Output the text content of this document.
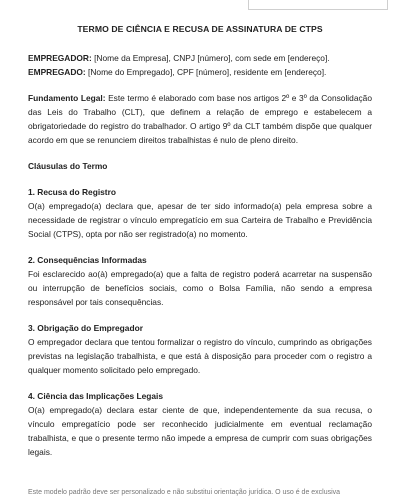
TERMO DE CIÊNCIA E RECUSA DE ASSINATURA DE CTPS

EMPREGADOR: [Nome da Empresa], CNPJ [número], com sede em [endereço].

EMPREGADO: [Nome do Empregado], CPF [número], residente em [endereço].

Fundamento Legal: Este termo é elaborado com base nos artigos 2º e 3º da Consolidação das Leis do Trabalho (CLT), que definem a relação de emprego e estabelecem a obrigatoriedade do registro do trabalhador. O artigo 9º da CLT também dispõe que qualquer acordo em que se renunciem direitos trabalhistas é nulo de pleno direito.

Cláusulas do Termo

1. Recusa do Registro

O(a) empregado(a) declara que, apesar de ter sido informado(a) pela empresa sobre a necessidade de registrar o vínculo empregatício em sua Carteira de Trabalho e Previdência Social (CTPS), opta por não ser registrado(a) no momento.

2. Consequências Informadas

Foi esclarecido ao(à) empregado(a) que a falta de registro poderá acarretar na suspensão ou interrupção de benefícios sociais, como o Bolsa Família, não sendo a empresa responsável por tais consequências.

3. Obrigação do Empregador

O empregador declara que tentou formalizar o registro do vínculo, cumprindo as obrigações previstas na legislação trabalhista, e que está à disposição para proceder com o registro a qualquer momento solicitado pelo empregado.

4. Ciência das Implicações Legais

O(a) empregado(a) declara estar ciente de que, independentemente da sua recusa, o vínculo empregatício pode ser reconhecido judicialmente em eventual reclamação trabalhista, e que o presente termo não impede a empresa de cumprir com suas obrigações legais.

Este modelo padrão deve ser personalizado e não substitui orientação jurídica. O uso é de exclusiva
